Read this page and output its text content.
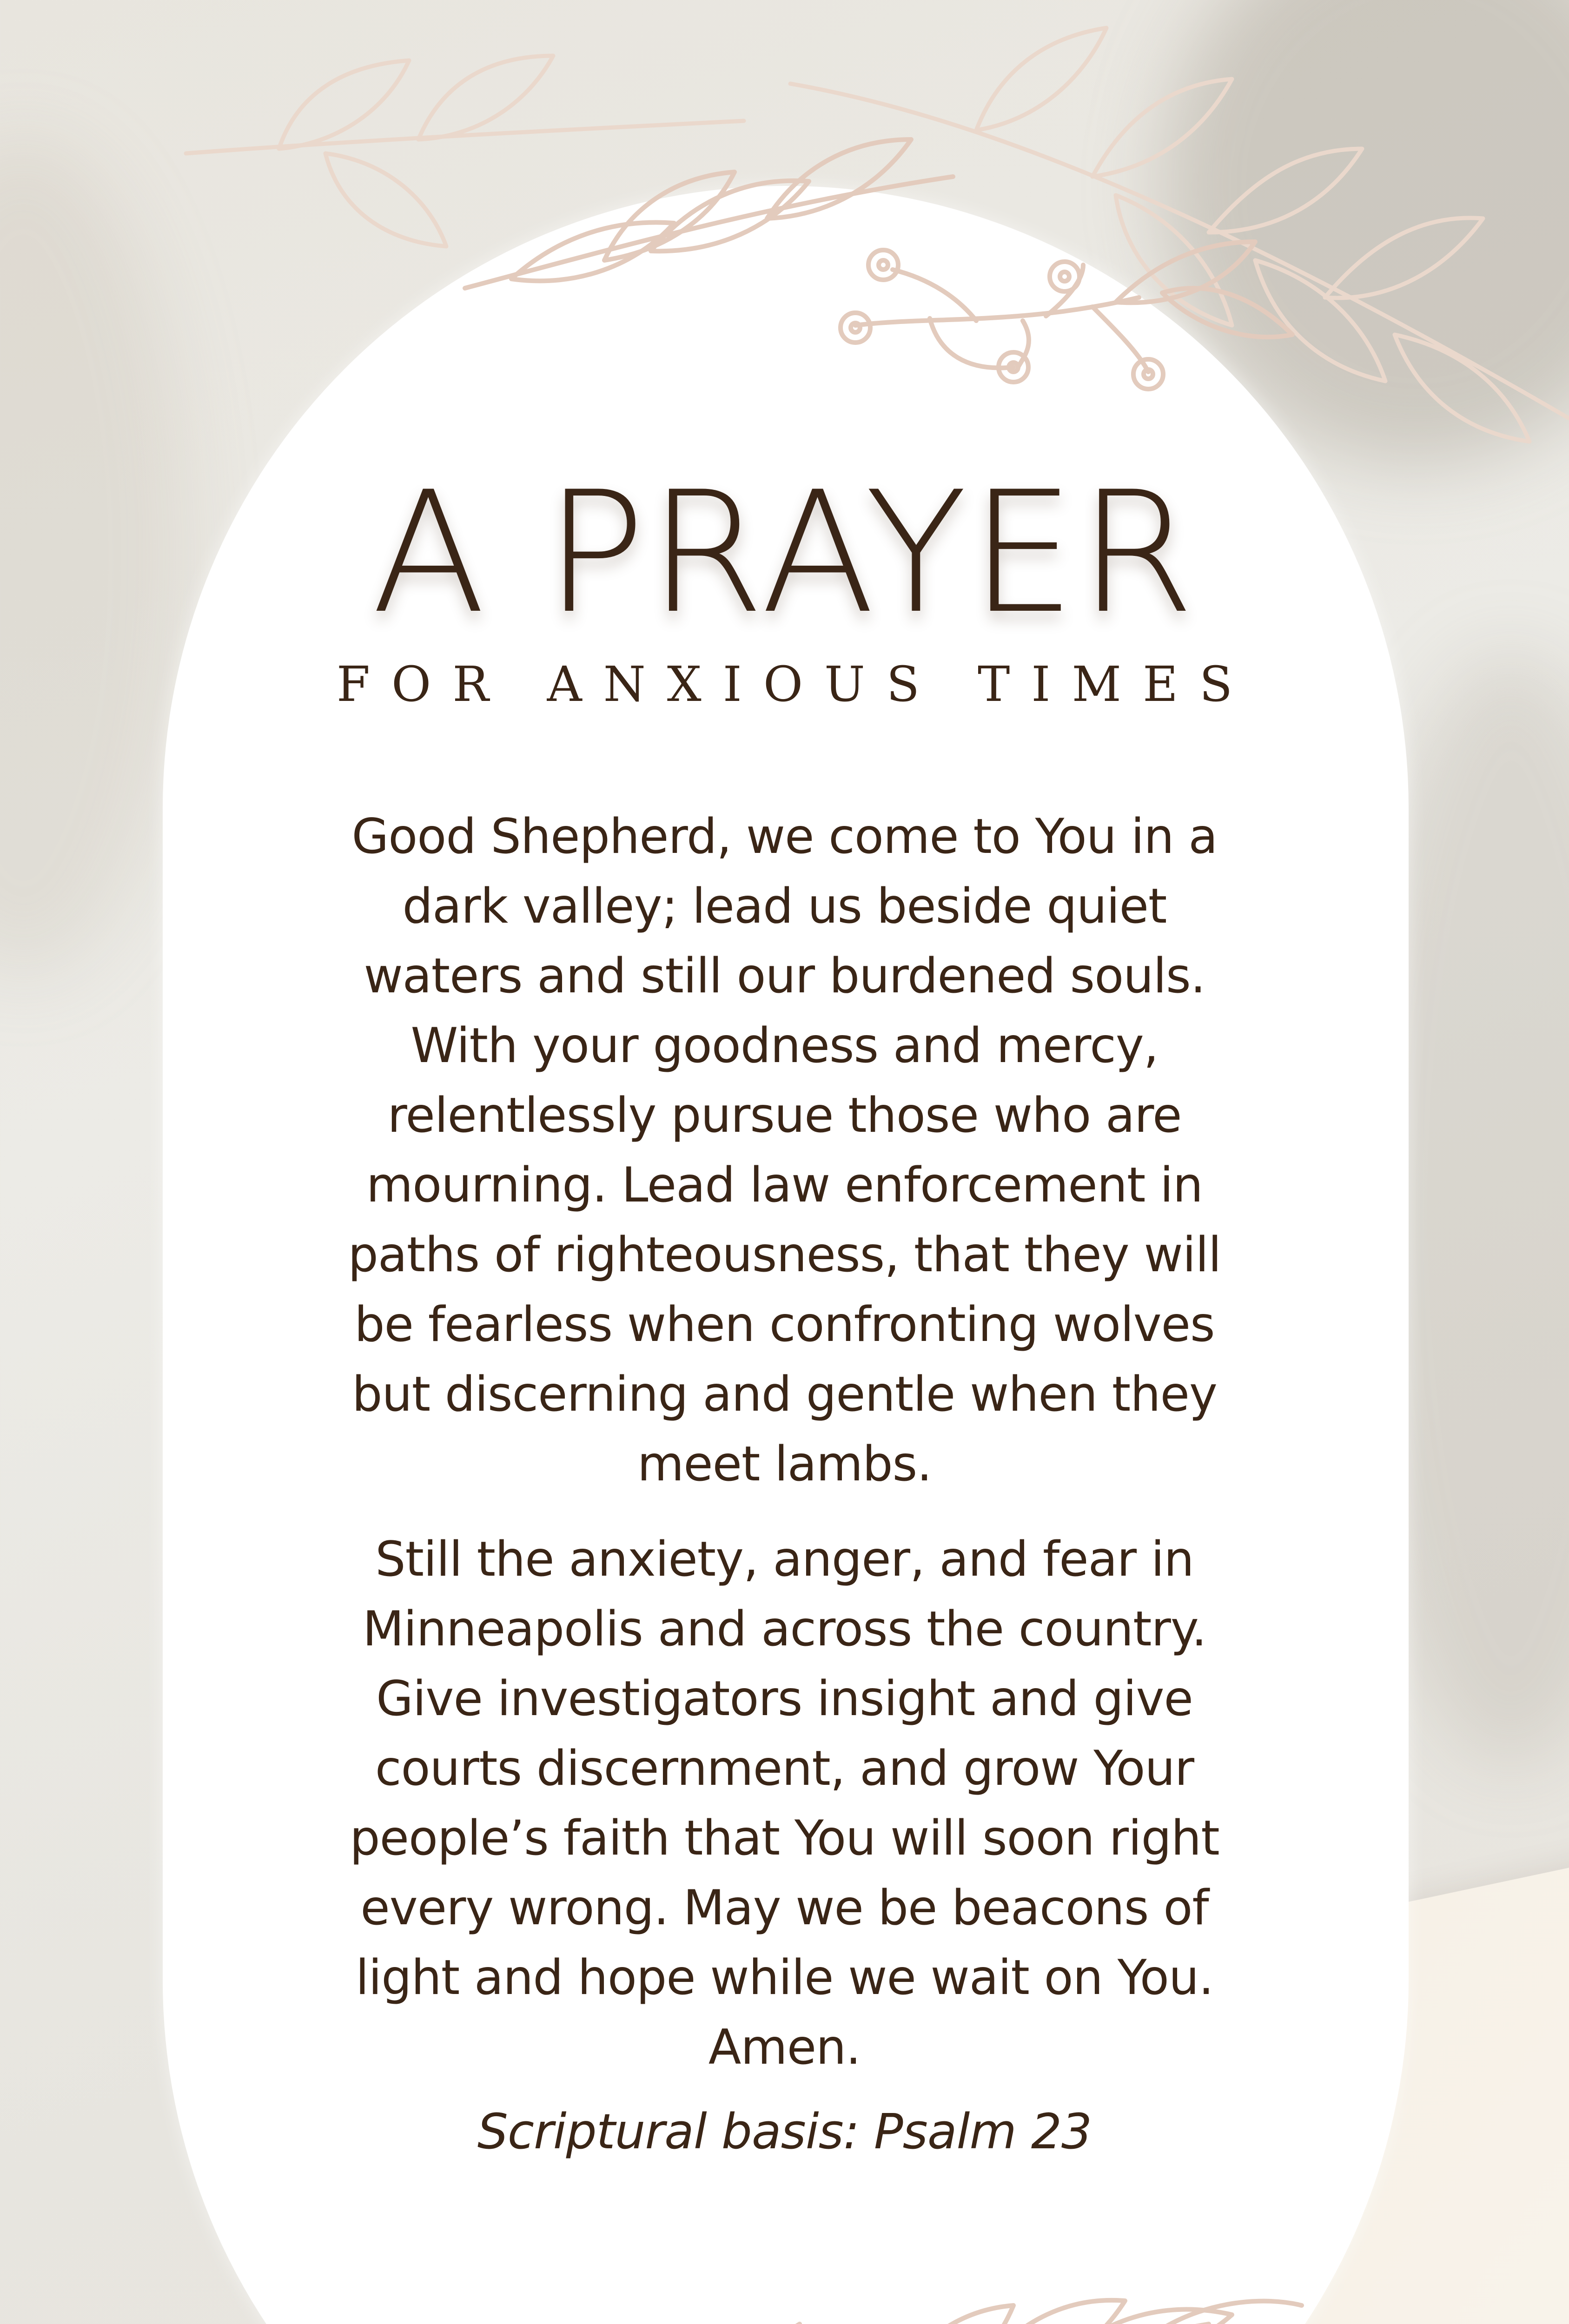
A PRAYER

FOR ANXIOUS TIMES

Good Shepherd, we come to You in a dark valley; lead us beside quiet waters and still our burdened souls. With your goodness and mercy, relentlessly pursue those who are mourning. Lead law enforcement in paths of righteousness, that they will be fearless when confronting wolves but discerning and gentle when they meet lambs.

Still the anxiety, anger, and fear in Minneapolis and across the country. Give investigators insight and give courts discernment, and grow Your people’s faith that You will soon right every wrong. May we be beacons of light and hope while we wait on You. Amen.

Scriptural basis: Psalm 23
